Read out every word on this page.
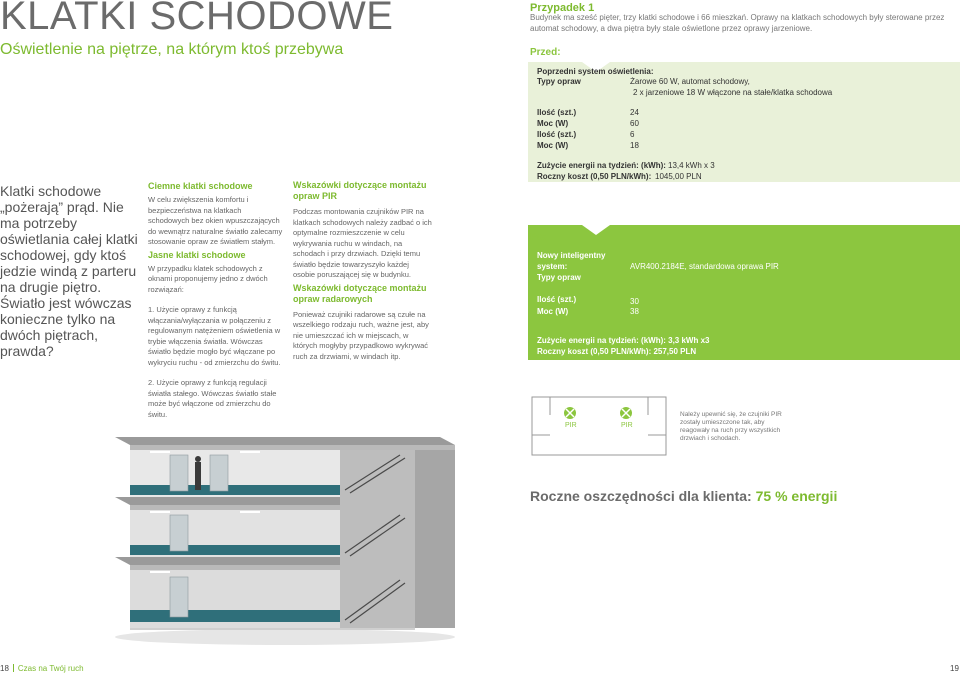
KLATKI SCHODOWE
Oświetlenie na piętrze, na którym ktoś przebywa
Przypadek 1
Budynek ma sześć pięter, trzy klatki schodowe i 66 mieszkań. Oprawy na klatkach schodowych były sterowane przez automat schodowy, a dwa piętra były stale oświetlone przez oprawy jarzeniowe.
Przed:
Poprzedni system oświetlenia:
Typy opraw	Żarowe 60 W, automat schodowy,
2 x jarzeniowe 18 W włączone na stałe/klatka schodowa
Ilość (szt.)	24
Moc (W)	60
Ilość (szt.)	6
Moc (W)	18
Zużycie energii na tydzień: (kWh): 13,4 kWh x 3
Roczny koszt (0,50 PLN/kWh): 1045,00 PLN
Po:
Nowy inteligentny
system:
Typy opraw
AVR400.2184E, standardowa oprawa PIR
Ilość (szt.)	30
Moc (W)	38
Zużycie energii na tydzień: (kWh): 3,3 kWh x3
Roczny koszt (0,50 PLN/kWh): 257,50 PLN
Klatki schodowe „pożerają” prąd. Nie ma potrzeby oświetlania całej klatki schodowej, gdy ktoś jedzie windą z parteru na drugie piętro. Światło jest wówczas konieczne tylko na dwóch piętrach, prawda?
Ciemne klatki schodowe

W celu zwiększenia komfortu i bezpieczeństwa na klatkach schodowych bez okien wpuszczających do wewnątrz naturalne światło zalecamy stosowanie opraw ze światłem stałym.

Jasne klatki schodowe

W przypadku klatek schodowych z oknami proponujemy jedno z dwóch rozwiązań:

1. Użycie oprawy z funkcją włączania/wyłączania w połączeniu z regulowanym natężeniem oświetlenia w trybie włączenia światła. Wówczas światło będzie mogło być włączane po wykryciu ruchu - od zmierzchu do świtu.

2. Użycie oprawy z funkcją regulacji światła stałego. Wówczas światło stałe może być włączone od zmierzchu do świtu.

Wskazówki dotyczące montażu opraw PIR

Podczas montowania czujników PIR na klatkach schodowych należy zadbać o ich optymalne rozmieszczenie w celu wykrywania ruchu w windach, na schodach i przy drzwiach. Dzięki temu światło będzie towarzyszyło każdej osobie poruszającej się w budynku.

Wskazówki dotyczące montażu opraw radarowych

Ponieważ czujniki radarowe są czułe na wszelkiego rodzaju ruch, ważne jest, aby nie umieszczać ich w miejscach, w których mogłyby przypadkowo wykrywać ruch za drzwiami, w windach itp.

PIR	PIR
Należy upewnić się, że czujniki PIR zostały umieszczone tak, aby reagowały na ruch przy wszystkich drzwiach i schodach.
Roczne oszczędności dla klienta: 75 % energii
18 Czas na Twój ruch	19
